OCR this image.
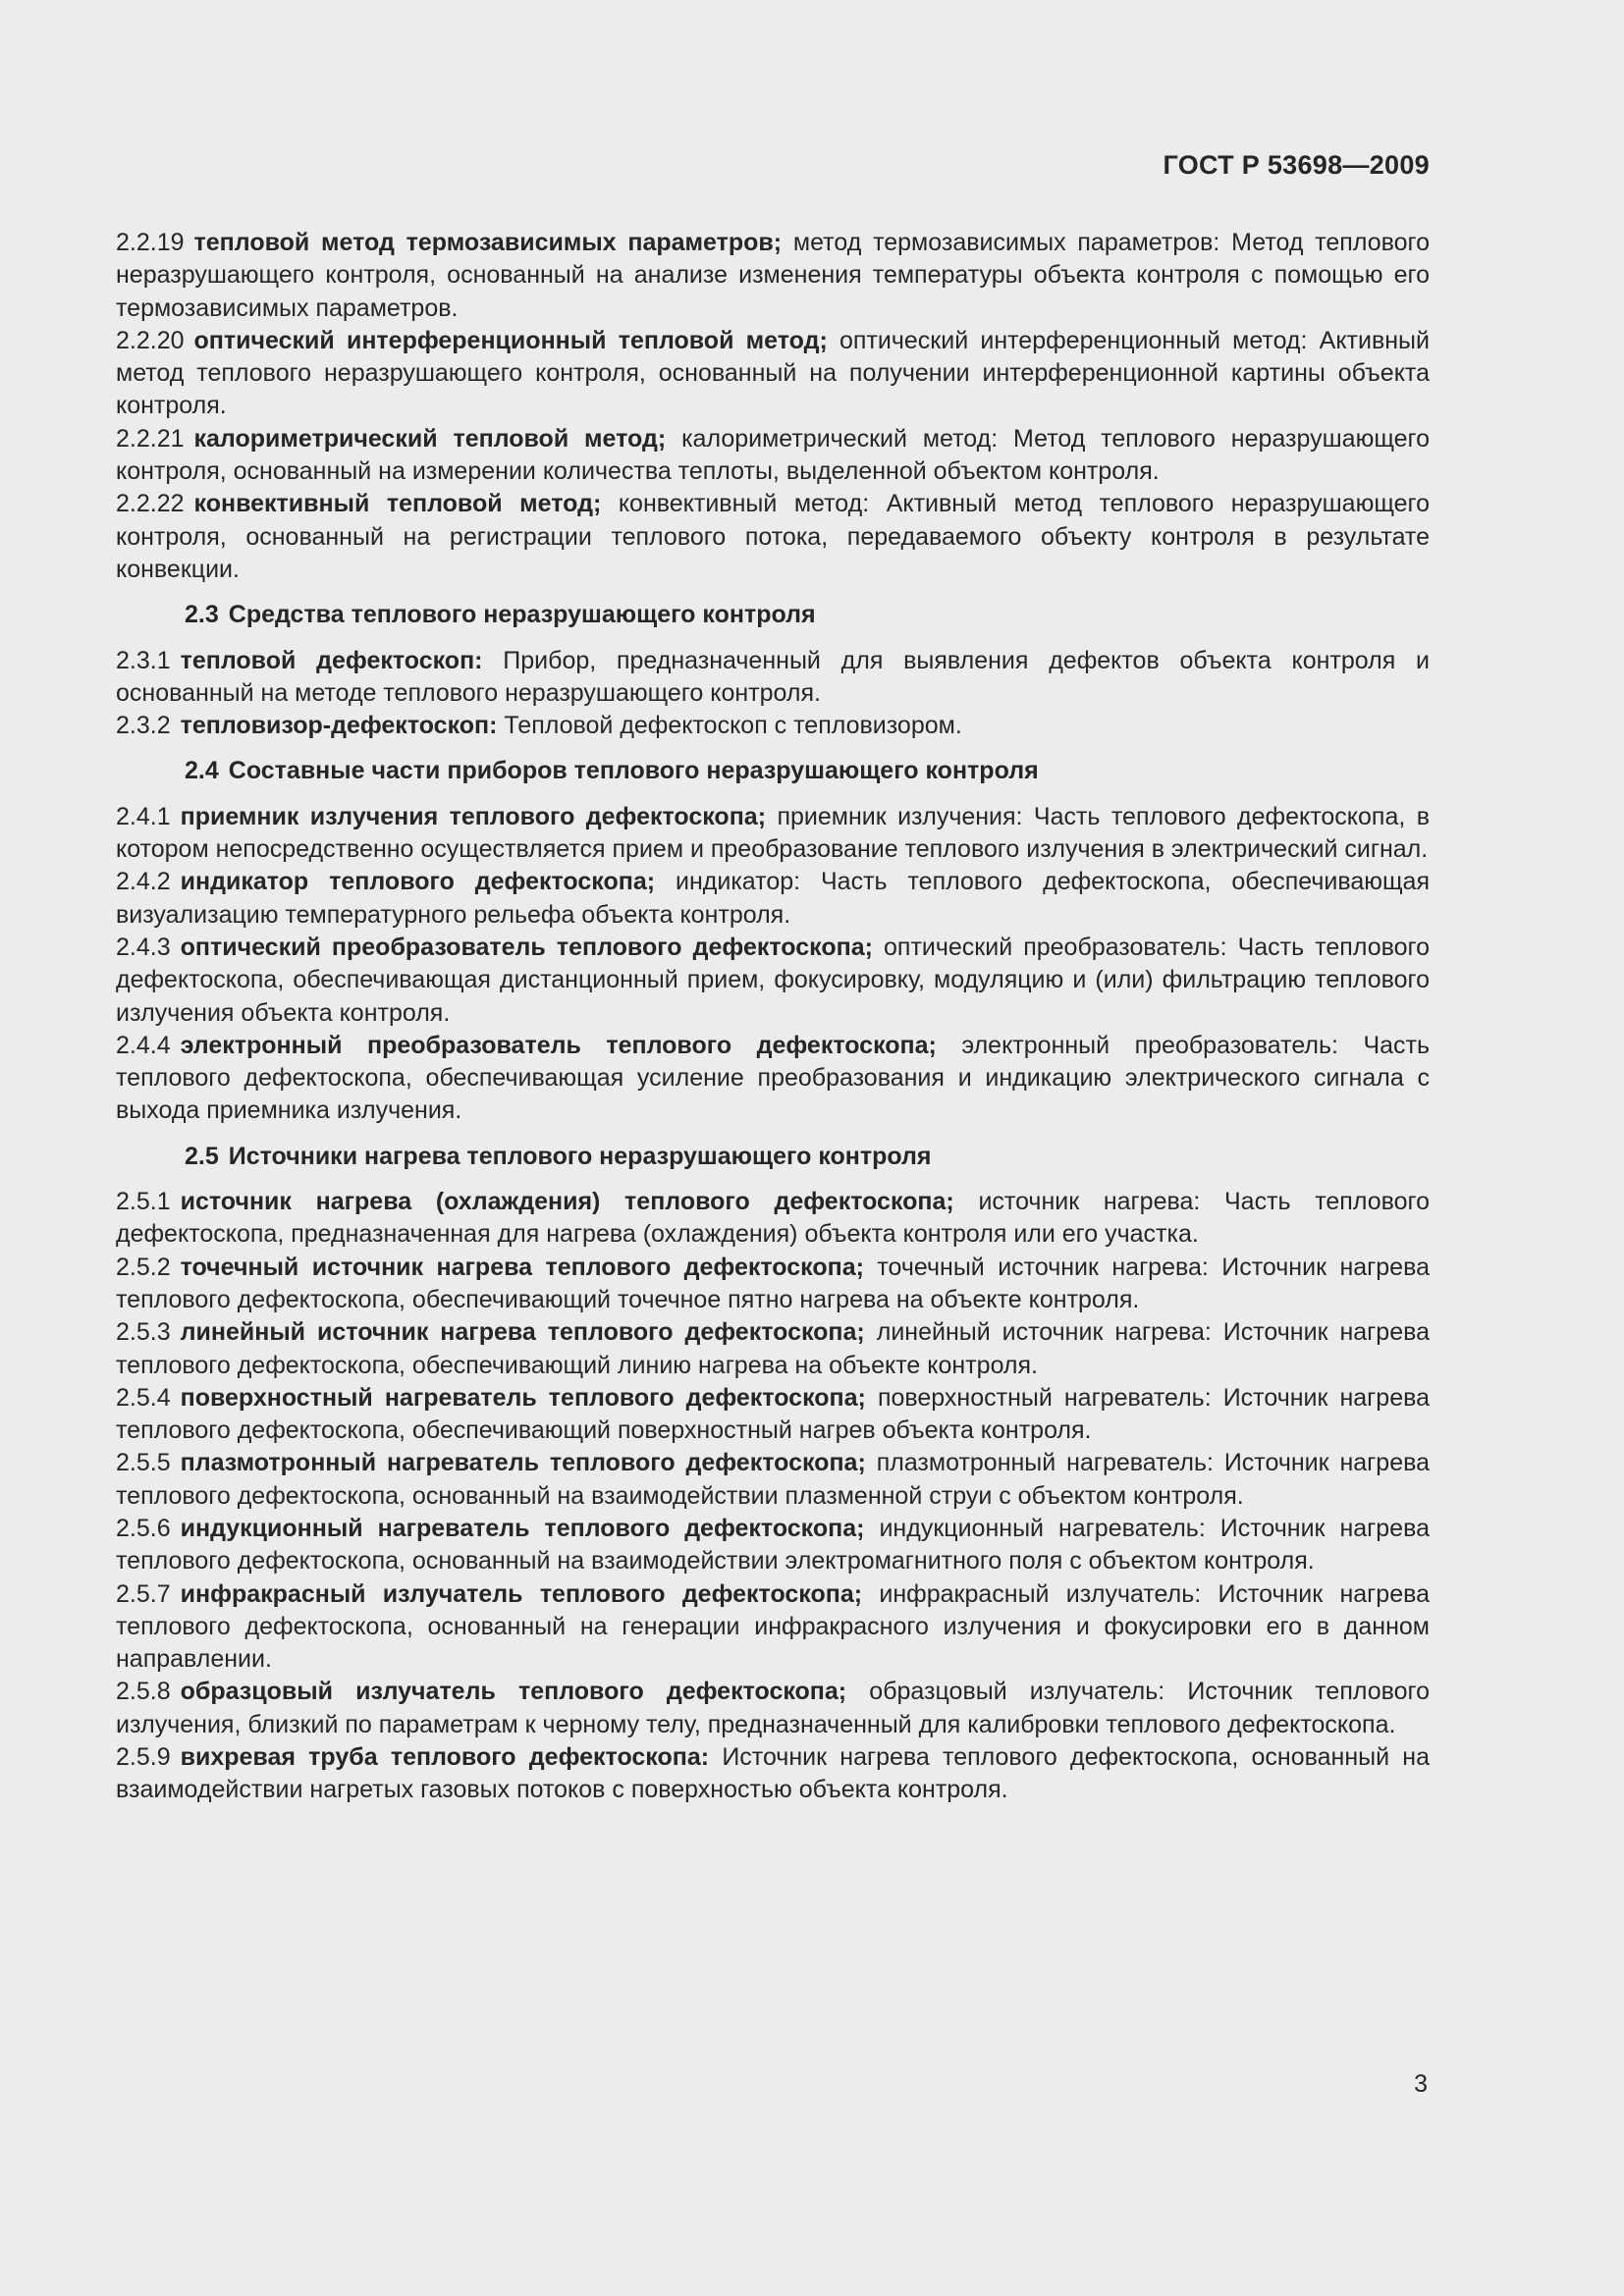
ГОСТ Р 53698—2009

2.2.19 тепловой метод термозависимых параметров; метод термозависимых параметров: Метод теплового неразрушающего контроля, основанный на анализе изменения температуры объекта контроля с помощью его термозависимых параметров.

2.2.20 оптический интерференционный тепловой метод; оптический интерференционный метод: Активный метод теплового неразрушающего контроля, основанный на получении интерференционной картины объекта контроля.

2.2.21 калориметрический тепловой метод; калориметрический метод: Метод теплового неразрушающего контроля, основанный на измерении количества теплоты, выделенной объектом контроля.

2.2.22 конвективный тепловой метод; конвективный метод: Активный метод теплового неразрушающего контроля, основанный на регистрации теплового потока, передаваемого объекту контроля в результате конвекции.

2.3 Средства теплового неразрушающего контроля

2.3.1 тепловой дефектоскоп: Прибор, предназначенный для выявления дефектов объекта контроля и основанный на методе теплового неразрушающего контроля.

2.3.2 тепловизор-дефектоскоп: Тепловой дефектоскоп с тепловизором.

2.4 Составные части приборов теплового неразрушающего контроля

2.4.1 приемник излучения теплового дефектоскопа; приемник излучения: Часть теплового дефектоскопа, в котором непосредственно осуществляется прием и преобразование теплового излучения в электрический сигнал.

2.4.2 индикатор теплового дефектоскопа; индикатор: Часть теплового дефектоскопа, обеспечивающая визуализацию температурного рельефа объекта контроля.

2.4.3 оптический преобразователь теплового дефектоскопа; оптический преобразователь: Часть теплового дефектоскопа, обеспечивающая дистанционный прием, фокусировку, модуляцию и (или) фильтрацию теплового излучения объекта контроля.

2.4.4 электронный преобразователь теплового дефектоскопа; электронный преобразователь: Часть теплового дефектоскопа, обеспечивающая усиление преобразования и индикацию электрического сигнала с выхода приемника излучения.

2.5 Источники нагрева теплового неразрушающего контроля

2.5.1 источник нагрева (охлаждения) теплового дефектоскопа; источник нагрева: Часть теплового дефектоскопа, предназначенная для нагрева (охлаждения) объекта контроля или его участка.

2.5.2 точечный источник нагрева теплового дефектоскопа; точечный источник нагрева: Источник нагрева теплового дефектоскопа, обеспечивающий точечное пятно нагрева на объекте контроля.

2.5.3 линейный источник нагрева теплового дефектоскопа; линейный источник нагрева: Источник нагрева теплового дефектоскопа, обеспечивающий линию нагрева на объекте контроля.

2.5.4 поверхностный нагреватель теплового дефектоскопа; поверхностный нагреватель: Источник нагрева теплового дефектоскопа, обеспечивающий поверхностный нагрев объекта контроля.

2.5.5 плазмотронный нагреватель теплового дефектоскопа; плазмотронный нагреватель: Источник нагрева теплового дефектоскопа, основанный на взаимодействии плазменной струи с объектом контроля.

2.5.6 индукционный нагреватель теплового дефектоскопа; индукционный нагреватель: Источник нагрева теплового дефектоскопа, основанный на взаимодействии электромагнитного поля с объектом контроля.

2.5.7 инфракрасный излучатель теплового дефектоскопа; инфракрасный излучатель: Источник нагрева теплового дефектоскопа, основанный на генерации инфракрасного излучения и фокусировки его в данном направлении.

2.5.8 образцовый излучатель теплового дефектоскопа; образцовый излучатель: Источник теплового излучения, близкий по параметрам к черному телу, предназначенный для калибровки теплового дефектоскопа.

2.5.9 вихревая труба теплового дефектоскопа: Источник нагрева теплового дефектоскопа, основанный на взаимодействии нагретых газовых потоков с поверхностью объекта контроля.

3
